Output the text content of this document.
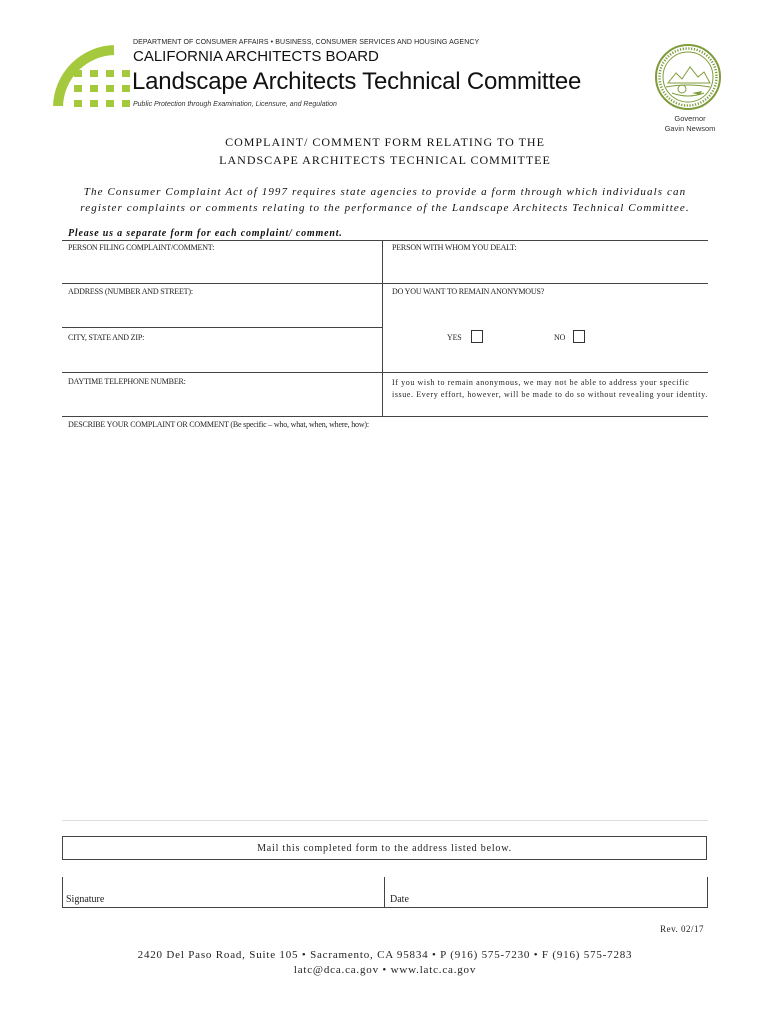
DEPARTMENT OF CONSUMER AFFAIRS • BUSINESS, CONSUMER SERVICES AND HOUSING AGENCY
CALIFORNIA ARCHITECTS BOARD
Landscape Architects Technical Committee
Public Protection through Examination, Licensure, and Regulation
Governor
Gavin Newsom
COMPLAINT/ COMMENT FORM RELATING TO THE
LANDSCAPE ARCHITECTS TECHNICAL COMMITTEE
The Consumer Complaint Act of 1997 requires state agencies to provide a form through which individuals can
register complaints or comments relating to the performance of the Landscape Architects Technical Committee.
Please us a separate form for each complaint/ comment.
PERSON FILING COMPLAINT/COMMENT:	PERSON WITH WHOM YOU DEALT:
ADDRESS (NUMBER AND STREET):	DO YOU WANT TO REMAIN ANONYMOUS?
CITY, STATE AND ZIP:	YES	NO
DAYTIME TELEPHONE NUMBER:	If you wish to remain anonymous, we may not be able to address your specific issue. Every effort, however, will be made to do so without revealing your identity.
DESCRIBE YOUR COMPLAINT OR COMMENT (Be specific – who, what, when, where, how):
Mail this completed form to the address listed below.
Signature	Date
Rev. 02/17
2420 Del Paso Road, Suite 105 • Sacramento, CA 95834 • P (916) 575-7230 • F (916) 575-7283
latc@dca.ca.gov • www.latc.ca.gov
